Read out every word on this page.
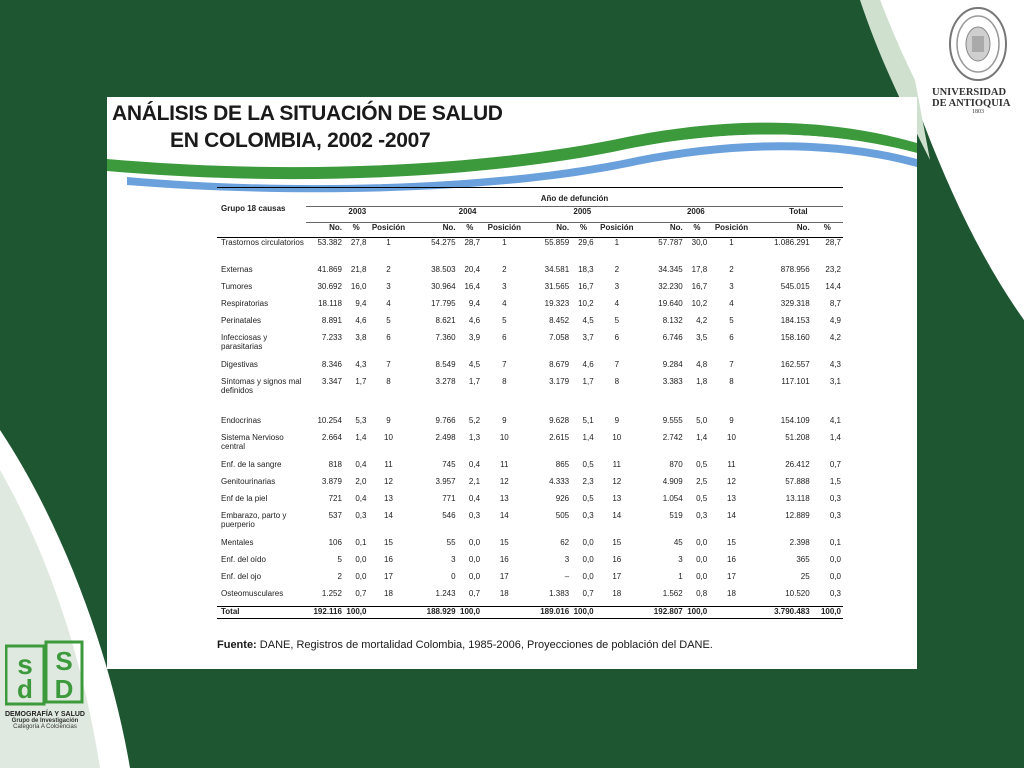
UNIVERSIDAD
DE ANTIOQUIA
1803
s
d
S
D
DEMOGRAFÍA Y SALUD
Grupo de Investigación
Categoría A Colciencias
ANÁLISIS DE LA SITUACIÓN DE SALUD
EN COLOMBIA, 2002 -2007
Grupo 18 causas	Año de defunción													
	2003			2004			2005			2006			Total	
	No.	%	Posición	No.	%	Posición	No.	%	Posición	No.	%	Posición	No.	%
Trastornos circulatorios	53.382	27,8	1	54.275	28,7	1	55.859	29,6	1	57.787	30,0	1	1.086.291	28,7
Externas	41.869	21,8	2	38.503	20,4	2	34.581	18,3	2	34.345	17,8	2	878.956	23,2
Tumores	30.692	16,0	3	30.964	16,4	3	31.565	16,7	3	32.230	16,7	3	545.015	14,4
Respiratorias	18.118	9,4	4	17.795	9,4	4	19.323	10,2	4	19.640	10,2	4	329.318	8,7
Perinatales	8.891	4,6	5	8.621	4,6	5	8.452	4,5	5	8.132	4,2	5	184.153	4,9
Infecciosas y parasitarias	7.233	3,8	6	7.360	3,9	6	7.058	3,7	6	6.746	3,5	6	158.160	4,2
Digestivas	8.346	4,3	7	8.549	4,5	7	8.679	4,6	7	9.284	4,8	7	162.557	4,3
Síntomas y signos mal definidos	3.347	1,7	8	3.278	1,7	8	3.179	1,7	8	3.383	1,8	8	117.101	3,1
Endocrinas	10.254	5,3	9	9.766	5,2	9	9.628	5,1	9	9.555	5,0	9	154.109	4,1
Sistema Nervioso central	2.664	1,4	10	2.498	1,3	10	2.615	1,4	10	2.742	1,4	10	51.208	1,4
Enf. de la sangre	818	0,4	11	745	0,4	11	865	0,5	11	870	0,5	11	26.412	0,7
Genitourinarias	3.879	2,0	12	3.957	2,1	12	4.333	2,3	12	4.909	2,5	12	57.888	1,5
Enf de la piel	721	0,4	13	771	0,4	13	926	0,5	13	1.054	0,5	13	13.118	0,3
Embarazo, parto y puerperio	537	0,3	14	546	0,3	14	505	0,3	14	519	0,3	14	12.889	0,3
Mentales	106	0,1	15	55	0,0	15	62	0,0	15	45	0,0	15	2.398	0,1
Enf. del oído	5	0,0	16	3	0,0	16	3	0,0	16	3	0,0	16	365	0,0
Enf. del ojo	2	0,0	17	0	0,0	17	–	0,0	17	1	0,0	17	25	0,0
Osteomusculares	1.252	0,7	18	1.243	0,7	18	1.383	0,7	18	1.562	0,8	18	10.520	0,3
Total	192.116	100,0		188.929	100,0		189.016	100,0		192.807	100,0		3.790.483	100,0
Fuente: DANE, Registros de mortalidad Colombia, 1985-2006, Proyecciones de población del DANE.
